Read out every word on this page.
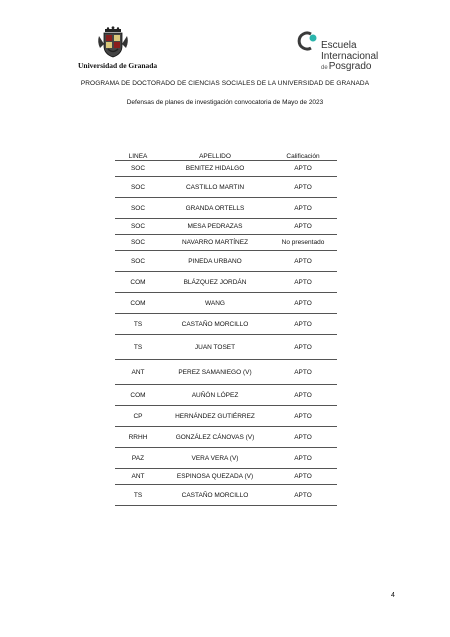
Universidad de Granada
Escuela
Internacional
dePosgrado
PROGRAMA DE DOCTORADO DE CIENCIAS SOCIALES DE LA UNIVERSIDAD DE GRANADA
Defensas de planes de investigación convocatoria de Mayo de 2023
LINEA	APELLIDO	Calificación
SOC	BENITEZ HIDALGO	APTO
SOC	CASTILLO MARTIN	APTO
SOC	GRANDA ORTELLS	APTO
SOC	MESA PEDRAZAS	APTO
SOC	NAVARRO MARTÍNEZ	No presentado
SOC	PINEDA URBANO	APTO
COM	BLÁZQUEZ JORDÁN	APTO
COM	WANG	APTO
TS	CASTAÑO MORCILLO	APTO
TS	JUAN TOSET	APTO
ANT	PEREZ SAMANIEGO (V)	APTO
COM	AUÑÓN LÓPEZ	APTO
CP	HERNÁNDEZ GUTIÉRREZ	APTO
RRHH	GONZÁLEZ CÁNOVAS (V)	APTO
PAZ	VERA VERA (V)	APTO
ANT	ESPINOSA QUEZADA (V)	APTO
TS	CASTAÑO MORCILLO	APTO
4
